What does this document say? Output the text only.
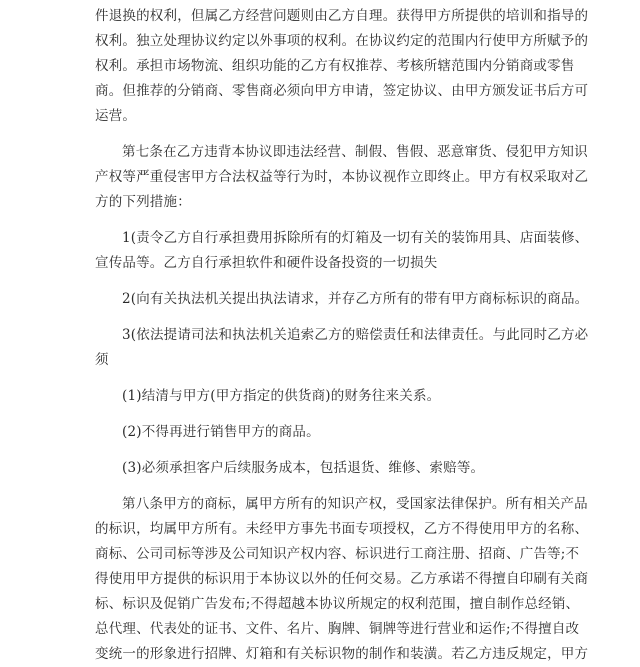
件退换的权利，但属乙方经营问题则由乙方自理。获得甲方所提供的培训和指导的
权利。独立处理协议约定以外事项的权利。在协议约定的范围内行使甲方所赋予的
权利。承担市场物流、组织功能的乙方有权推荐、考核所辖范围内分销商或零售
商。但推荐的分销商、零售商必须向甲方申请，签定协议、由甲方颁发证书后方可
运营。
第七条在乙方违背本协议即违法经营、制假、售假、恶意窜货、侵犯甲方知识
产权等严重侵害甲方合法权益等行为时，本协议视作立即终止。甲方有权采取对乙
方的下列措施：
1(责令乙方自行承担费用拆除所有的灯箱及一切有关的装饰用具、店面装修、
宣传品等。乙方自行承担软件和硬件设备投资的一切损失
2(向有关执法机关提出执法请求，并存乙方所有的带有甲方商标标识的商品。
3(依法提请司法和执法机关追索乙方的赔偿责任和法律责任。与此同时乙方必
须
(1)结清与甲方(甲方指定的供货商)的财务往来关系。
(2)不得再进行销售甲方的商品。
(3)必须承担客户后续服务成本，包括退货、维修、索赔等。
第八条甲方的商标，属甲方所有的知识产权，受国家法律保护。所有相关产品
的标识，均属甲方所有。未经甲方事先书面专项授权，乙方不得使用甲方的名称、
商标、公司司标等涉及公司知识产权内容、标识进行工商注册、招商、广告等;不
得使用甲方提供的标识用于本协议以外的任何交易。乙方承诺不得擅自印刷有关商
标、标识及促销广告发布;不得超越本协议所规定的权利范围，擅自制作总经销、
总代理、代表处的证书、文件、名片、胸牌、铜牌等进行营业和运作;不得擅自改
变统一的形象进行招牌、灯箱和有关标识物的制作和装潢。若乙方违反规定，甲方
